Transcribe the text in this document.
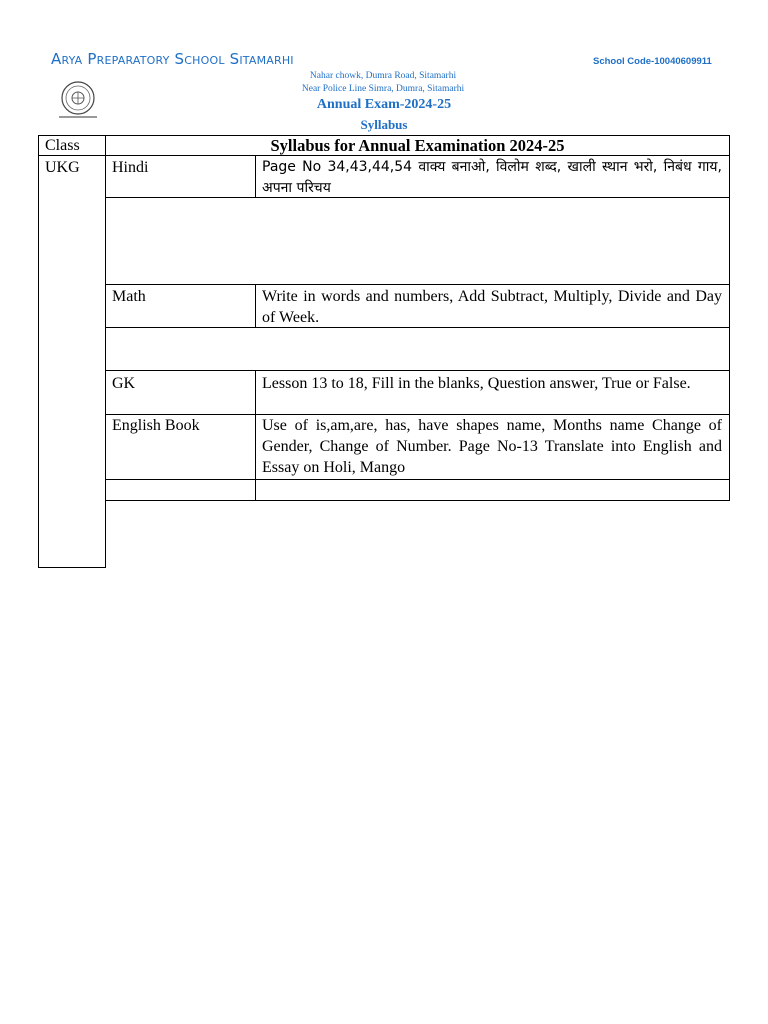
Arya Preparatory School Sitamarhi	School Code-10040609911
Nahar chowk, Dumra Road, Sitamarhi
Near Police Line Simra, Dumra, Sitamarhi
Annual Exam-2024-25
Syllabus
Class	Syllabus for Annual Examination 2024-25
UKG Hindi	Page No 34,43,44,54 वाक्य बनाओ, विलोम शब्द, खाली स्थान भरो, निबंध गाय, अपना परिचय
Math	Write in words and numbers, Add Subtract, Multiply, Divide and Day of Week.
GK	Lesson 13 to 18, Fill in the blanks, Question answer, True or False.
English Book	Use of is,am,are, has, have shapes name, Months name Change of Gender, Change of Number. Page No-13 Translate into English and Essay on Holi, Mango
